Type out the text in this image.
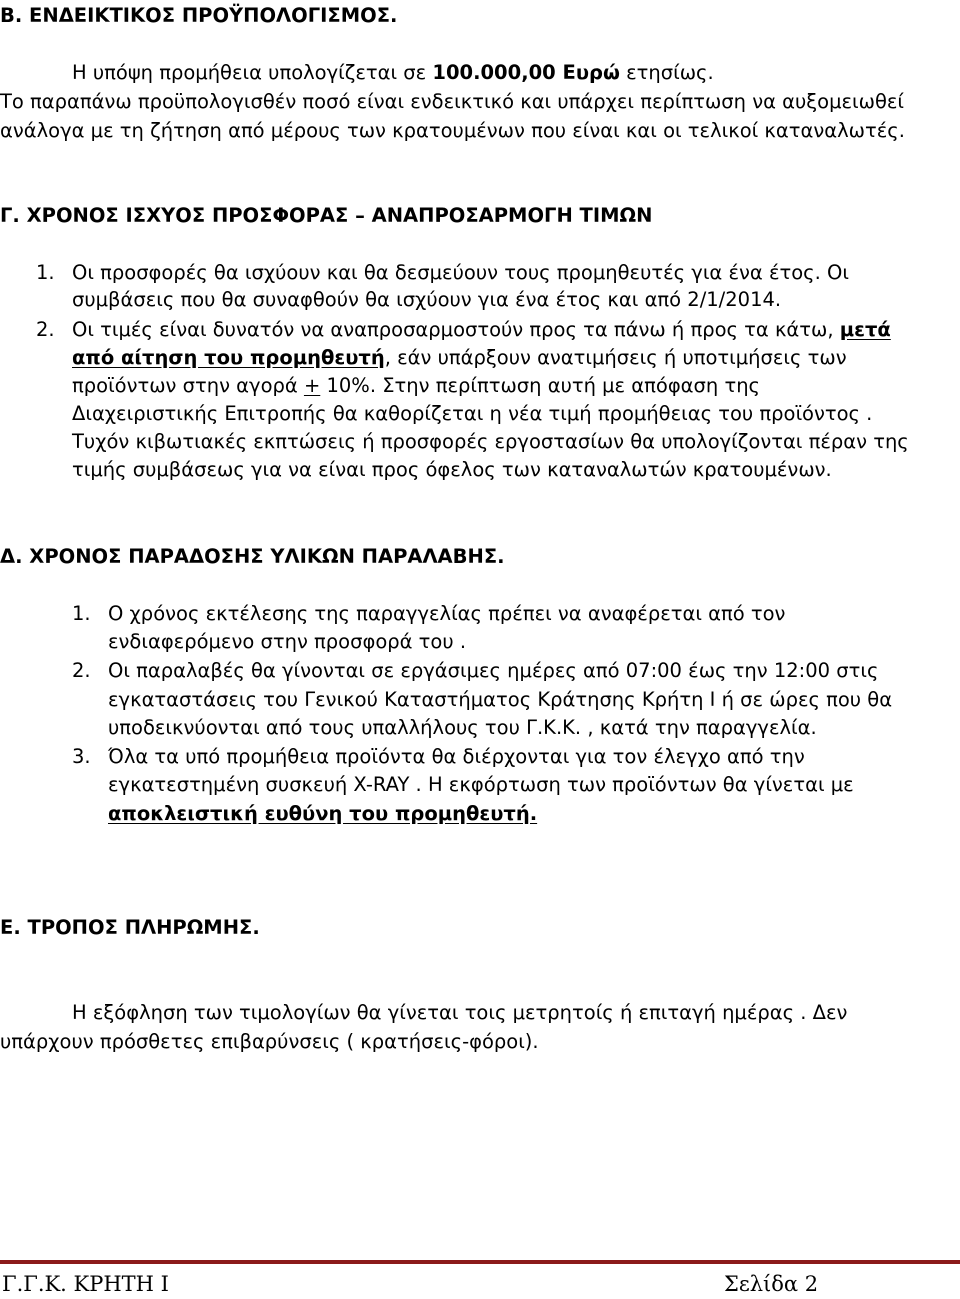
Β. ΕΝΔΕΙΚΤΙΚΟΣ ΠΡΟΫΠΟΛΟΓΙΣΜΟΣ.
Η υπόψη προμήθεια υπολογίζεται σε 100.000,00 Ευρώ ετησίως.
Το παραπάνω προϋπολογισθέν ποσό είναι ενδεικτικό και υπάρχει περίπτωση να αυξομειωθεί
ανάλογα με τη ζήτηση από μέρους των κρατουμένων που είναι και οι τελικοί καταναλωτές.
Γ. ΧΡΟΝΟΣ ΙΣΧΥΟΣ ΠΡΟΣΦΟΡΑΣ – ΑΝΑΠΡΟΣΑΡΜΟΓΗ ΤΙΜΩΝ
1. Οι προσφορές θα ισχύουν και θα δεσμεύουν τους προμηθευτές για ένα έτος. Οι
συμβάσεις που θα συναφθούν θα ισχύουν για ένα έτος και από 2/1/2014.
2. Οι τιμές είναι δυνατόν να αναπροσαρμοστούν προς τα πάνω ή προς τα κάτω, μετά
από αίτηση του προμηθευτή, εάν υπάρξουν ανατιμήσεις ή υποτιμήσεις των
προϊόντων στην αγορά + 10%. Στην περίπτωση αυτή με απόφαση της
Διαχειριστικής Επιτροπής θα καθορίζεται η νέα τιμή προμήθειας του προϊόντος .
Τυχόν κιβωτιακές εκπτώσεις ή προσφορές εργοστασίων θα υπολογίζονται πέραν της
τιμής συμβάσεως για να είναι προς όφελος των καταναλωτών κρατουμένων.
Δ. ΧΡΟΝΟΣ ΠΑΡΑΔΟΣΗΣ ΥΛΙΚΩΝ ΠΑΡΑΛΑΒΗΣ.
1. Ο χρόνος εκτέλεσης της παραγγελίας πρέπει να αναφέρεται από τον
ενδιαφερόμενο στην προσφορά του .
2. Οι παραλαβές θα γίνονται σε εργάσιμες ημέρες από 07:00 έως την 12:00 στις
εγκαταστάσεις του Γενικού Καταστήματος Κράτησης Κρήτη Ι ή σε ώρες που θα
υποδεικνύονται από τους υπαλλήλους του Γ.Κ.Κ. , κατά την παραγγελία.
3. Όλα τα υπό προμήθεια προϊόντα θα διέρχονται για τον έλεγχο από την
εγκατεστημένη συσκευή X-RAY . Η εκφόρτωση των προϊόντων θα γίνεται με
αποκλειστική ευθύνη του προμηθευτή.
Ε. ΤΡΟΠΟΣ ΠΛΗΡΩΜΗΣ.
Η εξόφληση των τιμολογίων θα γίνεται τοις μετρητοίς ή επιταγή ημέρας . Δεν
υπάρχουν πρόσθετες επιβαρύνσεις ( κρατήσεις-φόροι).
Γ.Γ.Κ. ΚΡΗΤΗ Ι	Σελίδα 2
